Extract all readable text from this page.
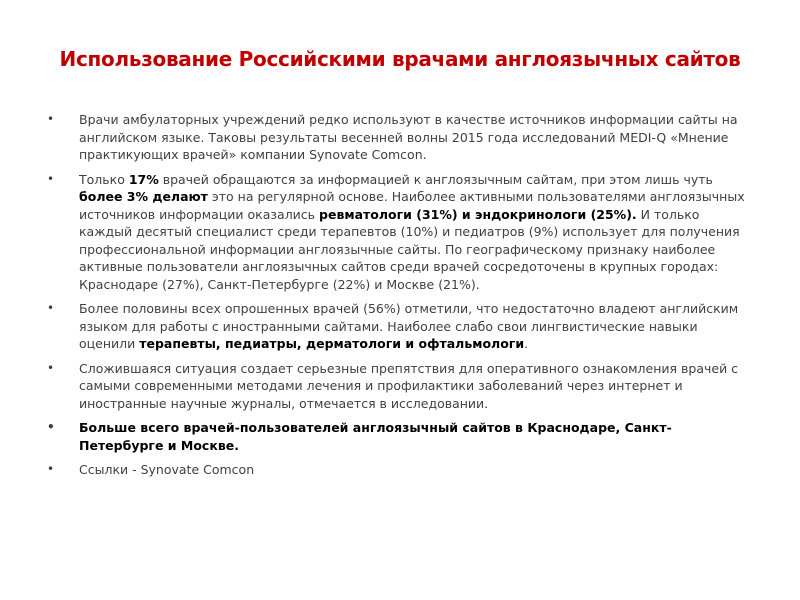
Использование Российскими врачами англоязычных сайтов
• Врачи амбулаторных учреждений редко используют в качестве источников информации сайты на английском языке. Таковы результаты весенней волны 2015 года исследований MEDI-Q «Мнение практикующих врачей» компании Synovate Comcon.
• Только 17% врачей обращаются за информацией к англоязычным сайтам, при этом лишь чуть более 3% делают это на регулярной основе. Наиболее активными пользователями англоязычных источников информации оказались ревматологи (31%) и эндокринологи (25%). И только каждый десятый специалист среди терапевтов (10%) и педиатров (9%) использует для получения профессиональной информации англоязычные сайты. По географическому признаку наиболее активные пользователи англоязычных сайтов среди врачей сосредоточены в крупных городах: Краснодаре (27%), Санкт-Петербурге (22%) и Москве (21%).
• Более половины всех опрошенных врачей (56%) отметили, что недостаточно владеют английским языком для работы с иностранными сайтами. Наиболее слабо свои лингвистические навыки оценили терапевты, педиатры, дерматологи и офтальмологи.
• Сложившаяся ситуация создает серьезные препятствия для оперативного ознакомления врачей с самыми современными методами лечения и профилактики заболеваний через интернет и иностранные научные журналы, отмечается в исследовании.
• Больше всего врачей-пользователей англоязычный сайтов в Краснодаре, Санкт-Петербурге и Москве.
• Ссылки - Synovate Comcon
